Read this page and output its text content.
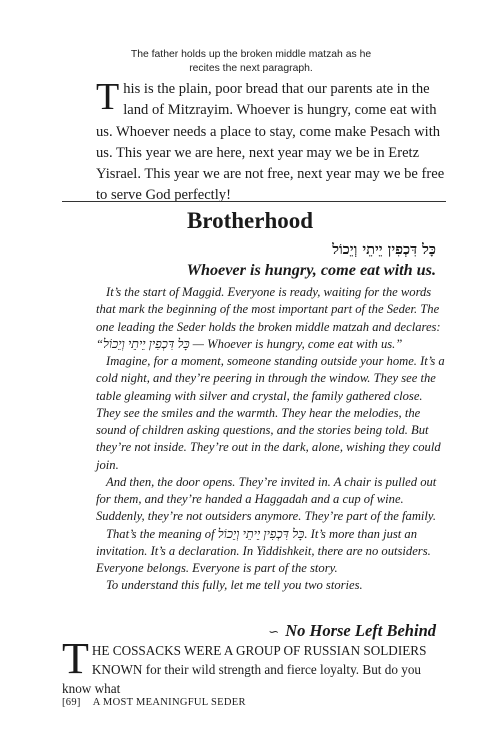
The father holds up the broken middle matzah as he recites the next paragraph.
T his is the plain, poor bread that our parents ate in the land of Mitzrayim. Whoever is hungry, come eat with us. Whoever needs a place to stay, come make Pesach with us. This year we are here, next year may we be in Eretz Yisrael. This year we are not free, next year may we be free to serve God perfectly!
Brotherhood
כָּל דִּכְפִין יֵיתֵי וְיֵכוֹל
Whoever is hungry, come eat with us.

It’s the start of Maggid. Everyone is ready, waiting for the words that mark the beginning of the most important part of the Seder. The one leading the Seder holds the broken middle matzah and declares: “כָּל דִּכְפִין יֵיתֵי וְיֵכוֹל — Whoever is hungry, come eat with us.”

Imagine, for a moment, someone standing outside your home. It’s a cold night, and they’re peering in through the window. They see the table gleaming with silver and crystal, the family gathered close. They see the smiles and the warmth. They hear the melodies, the sound of children asking questions, and the stories being told. But they’re not inside. They’re out in the dark, alone, wishing they could join.

And then, the door opens. They’re invited in. A chair is pulled out for them, and they’re handed a Haggadah and a cup of wine. Suddenly, they’re not outsiders anymore. They’re part of the family.

That’s the meaning of כָּל דִּכְפִין יֵיתֵי וְיֵכוֹל. It’s more than just an invitation. It’s a declaration. In Yiddishkeit, there are no outsiders. Everyone belongs. Everyone is part of the story.

To understand this fully, let me tell you two stories.

∽ No Horse Left Behind
T HE COSSACKS WERE A GROUP OF RUSSIAN SOLDIERS KNOWN for their wild strength and fierce loyalty. But do you know what
[69] A MOST MEANINGFUL SEDER
